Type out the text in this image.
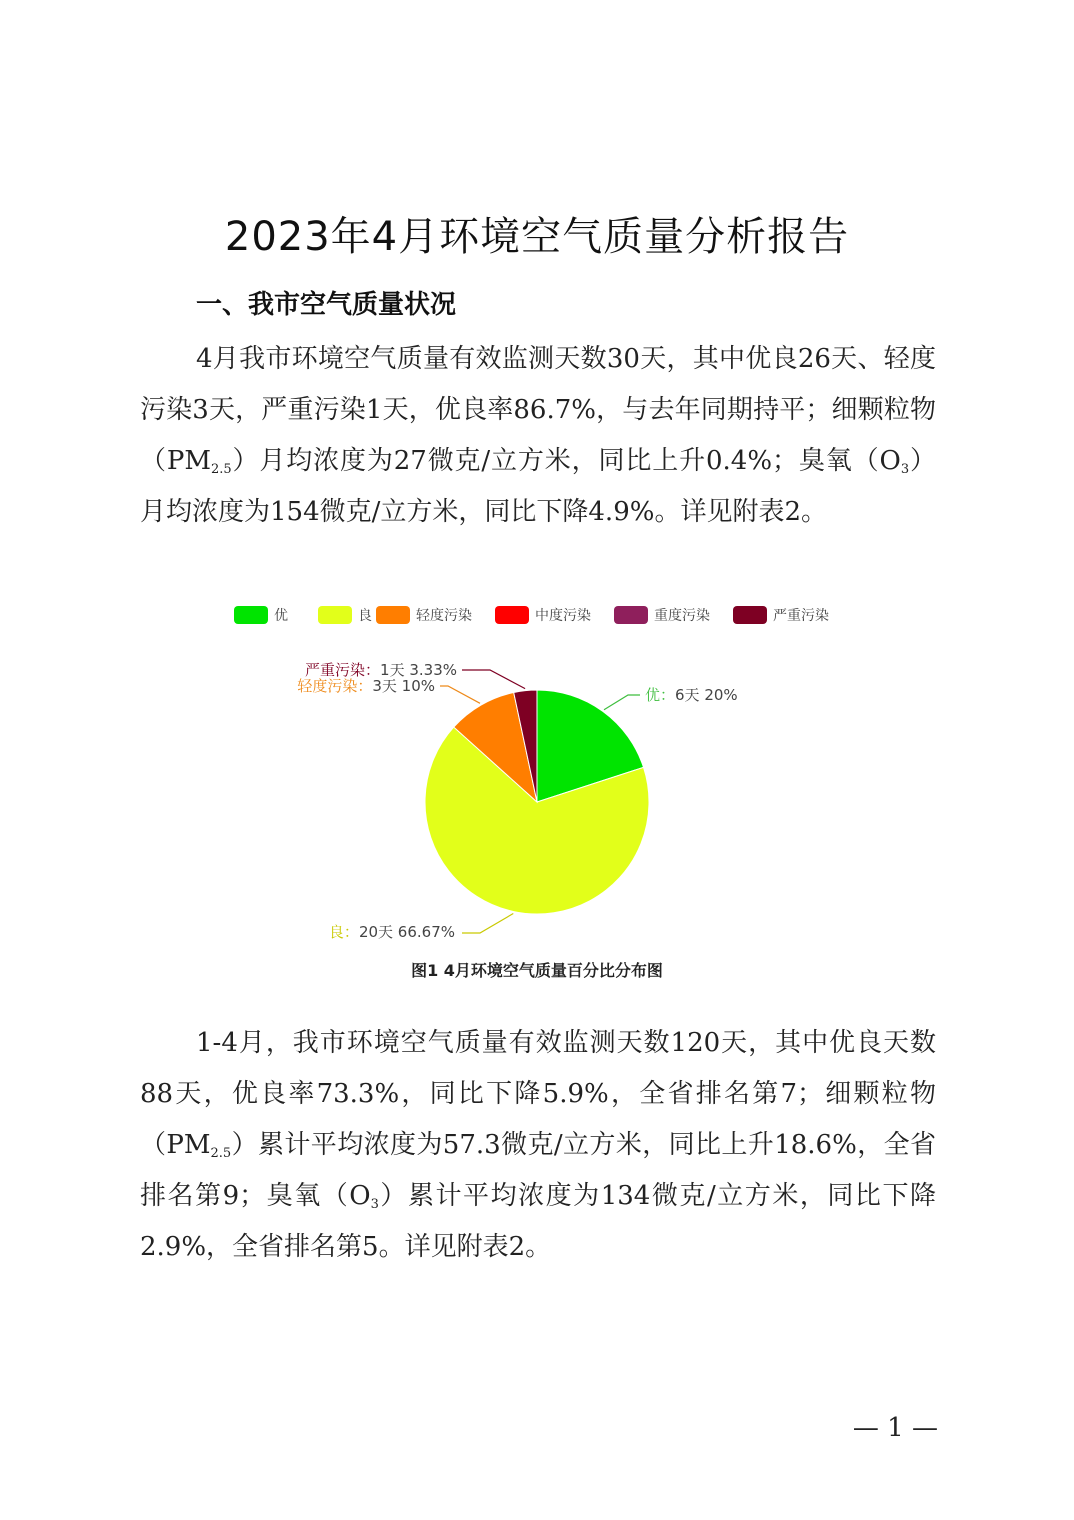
2023年4月环境空气质量分析报告
一、我市空气质量状况

4月我市环境空气质量有效监测天数30天，其中优良26天、轻度污染3天，严重污染1天，优良率86.7%，与去年同期持平；细颗粒物$(PM_{2.5})$月均浓度为27微克/立方米，同比上升0.4%；臭氧$(O_3)$月均浓度为154微克/立方米，同比下降4.9%。详见附表2。

优	良	轻度污染	中度污染	重度污染	严重污染
优：6天 20%
良：20天 66.67%
轻度污染：3天 10%
严重污染：1天 3.33%
图1 4月环境空气质量百分比分布图

1-4月，我市环境空气质量有效监测天数120天，其中优良天数88天，优良率73.3%，同比下降5.9%，全省排名第7；细颗粒物$(PM_{2.5})$累计平均浓度为57.3微克/立方米，同比上升18.6%，全省排名第9；臭氧$(O_3)$累计平均浓度为134微克/立方米，同比下降2.9%，全省排名第5。详见附表2。

— 1 —
